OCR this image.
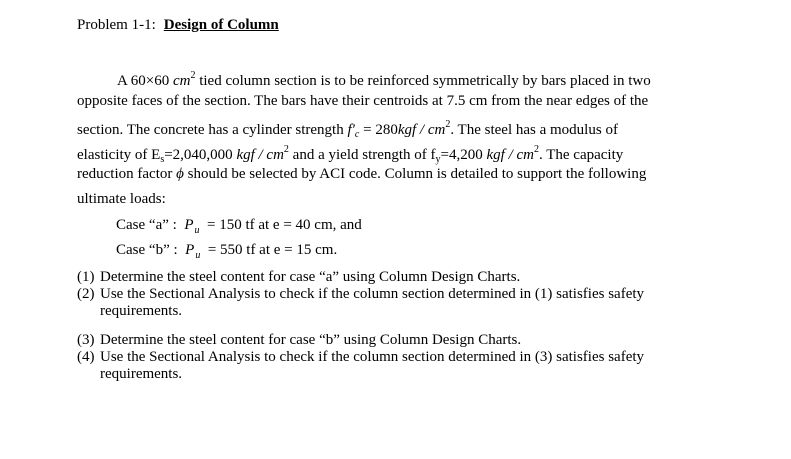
Problem 1-1: Design of Column
A 60×60 $cm^2$ tied column section is to be reinforced symmetrically by bars placed in two
opposite faces of the section. The bars have their centroids at 7.5 cm from the near edges of the
section. The concrete has a cylinder strength $f'_c = 280kgf / cm^2$. The steel has a modulus of
elasticity of $E_s=2,040,000$ kgf / $cm^2$ and a yield strength of $f_y=4,200$ kgf / $cm^2$. The capacity
reduction factor ϕ should be selected by ACI code. Column is detailed to support the following
ultimate loads:
Case “a” : $P_u = 150$ tf at e = 40 cm, and
Case “b” : $P_u = 550$ tf at e = 15 cm.
(1) Determine the steel content for case “a” using Column Design Charts.
(2) Use the Sectional Analysis to check if the column section determined in (1) satisfies safety
requirements.
(3) Determine the steel content for case “b” using Column Design Charts.
(4) Use the Sectional Analysis to check if the column section determined in (3) satisfies safety
requirements.
